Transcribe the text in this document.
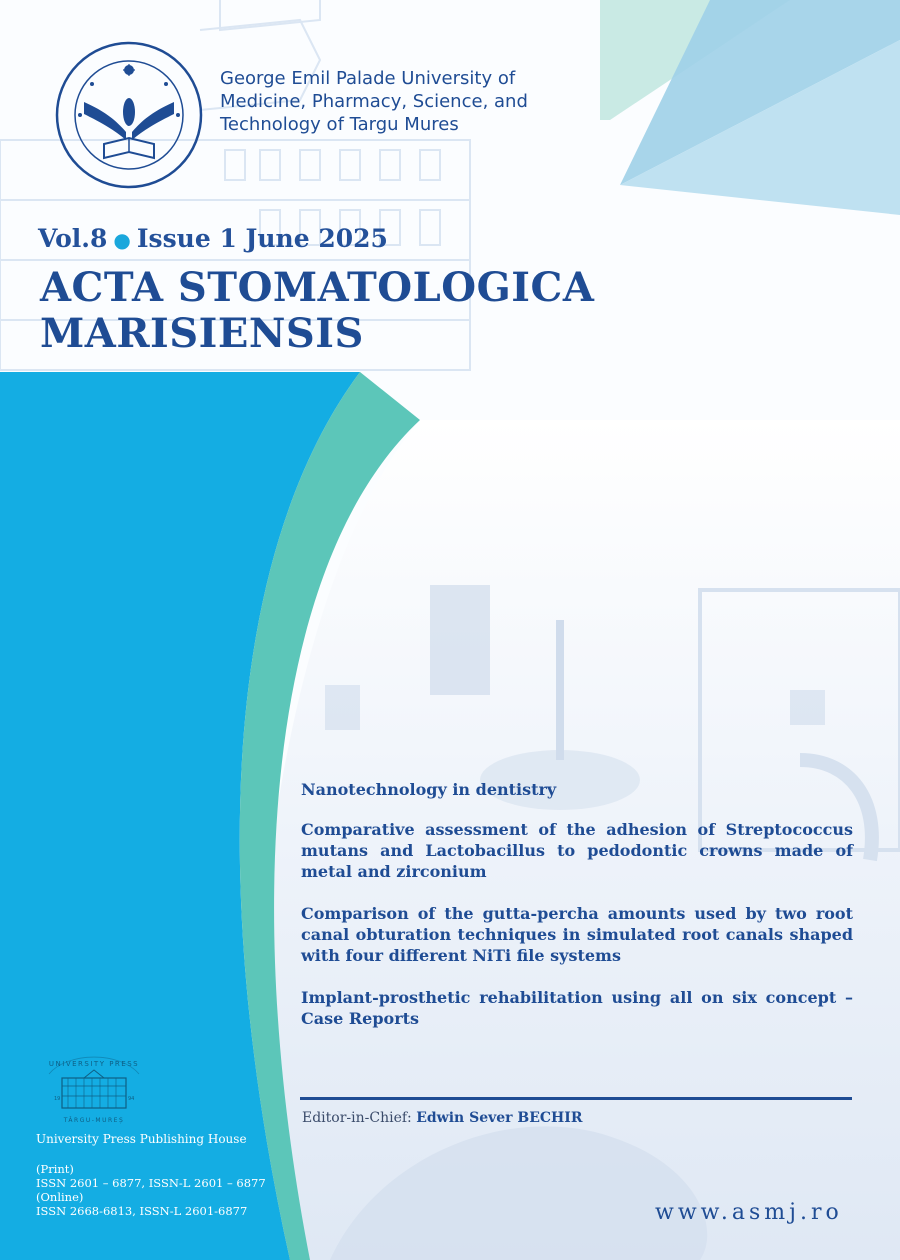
George Emil Palade University of
Medicine, Pharmacy, Science, and
Technology of Targu Mures
Vol.8 ● Issue 1 June 2025
ACTA STOMATOLOGICA
MARISIENSIS
Nanotechnology in dentistry
Comparative assessment of the adhesion of Streptococcus mutans and Lactobacillus to pedodontic crowns made of metal and zirconium
Comparison of the gutta-percha amounts used by two root canal obturation techniques in simulated root canals shaped with four different NiTi file systems
Implant-prosthetic rehabilitation using all on six concept – Case Reports
Editor-in-Chief: Edwin Sever BECHIR
UNIVERSITY PRESS
19	94
TÂRGU-MUREȘ
University Press Publishing House
(Print)
ISSN 2601 – 6877, ISSN-L 2601 – 6877
(Online)
ISSN 2668-6813, ISSN-L 2601-6877	www.asmj.ro
